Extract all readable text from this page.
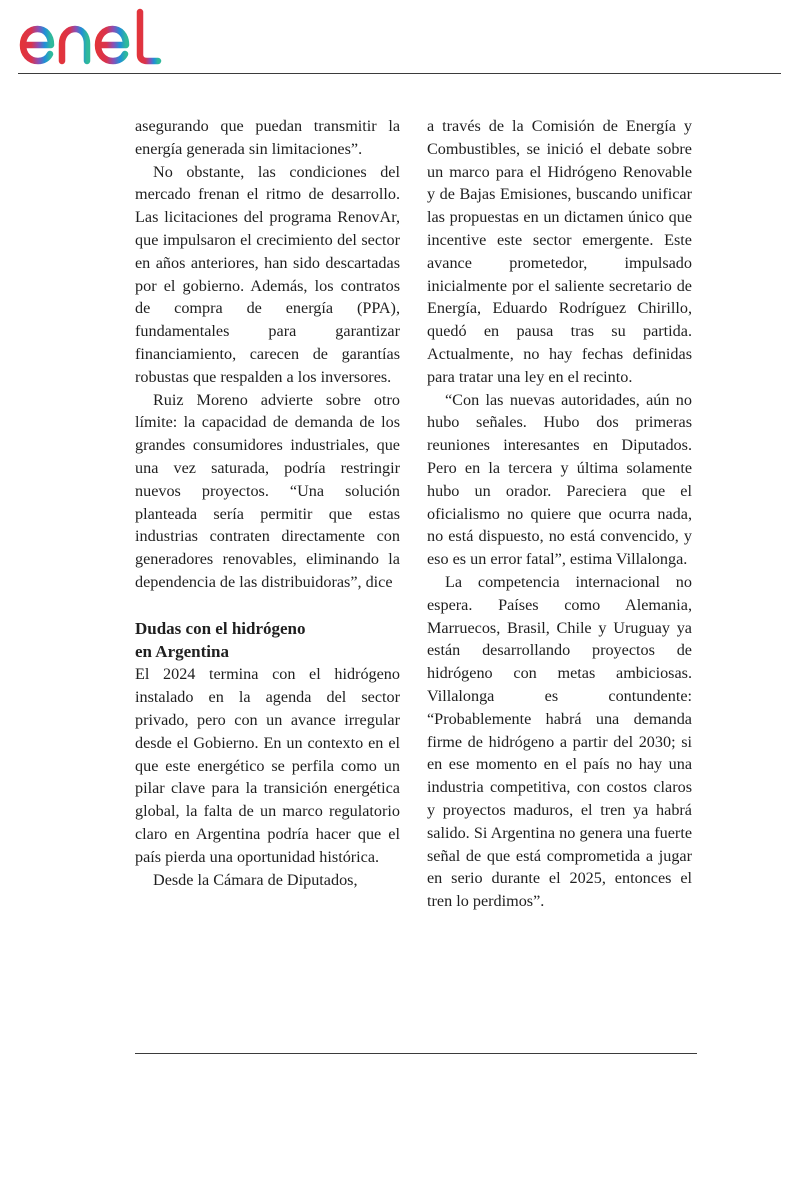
asegurando que puedan transmitir la energía generada sin limitaciones”.

No obstante, las condiciones del mercado frenan el ritmo de desarrollo. Las licitaciones del programa RenovAr, que impulsaron el crecimiento del sector en años anteriores, han sido descartadas por el gobierno. Además, los contratos de compra de energía (PPA), fundamentales para garantizar financiamiento, carecen de garantías robustas que respalden a los inversores.

Ruiz Moreno advierte sobre otro límite: la capacidad de demanda de los grandes consumidores industriales, que una vez saturada, podría restringir nuevos proyectos. “Una solución planteada sería permitir que estas industrias contraten directamente con generadores renovables, eliminando la dependencia de las distribuidoras”, dice

Dudas con el hidrógeno
en Argentina

El 2024 termina con el hidrógeno instalado en la agenda del sector privado, pero con un avance irregular desde el Gobierno. En un contexto en el que este energético se perfila como un pilar clave para la transición energética global, la falta de un marco regulatorio claro en Argentina podría hacer que el país pierda una oportunidad histórica.

Desde la Cámara de Diputados,

a través de la Comisión de Energía y Combustibles, se inició el debate sobre un marco para el Hidrógeno Renovable y de Bajas Emisiones, buscando unificar las propuestas en un dictamen único que incentive este sector emergente. Este avance prometedor, impulsado inicialmente por el saliente secretario de Energía, Eduardo Rodríguez Chirillo, quedó en pausa tras su partida. Actualmente, no hay fechas definidas para tratar una ley en el recinto.

“Con las nuevas autoridades, aún no hubo señales. Hubo dos primeras reuniones interesantes en Diputados. Pero en la tercera y última solamente hubo un orador. Pareciera que el oficialismo no quiere que ocurra nada, no está dispuesto, no está convencido, y eso es un error fatal”, estima Villalonga.

La competencia internacional no espera. Países como Alemania, Marruecos, Brasil, Chile y Uruguay ya están desarrollando proyectos de hidrógeno con metas ambiciosas. Villalonga es contundente: “Probablemente habrá una demanda firme de hidrógeno a partir del 2030; si en ese momento en el país no hay una industria competitiva, con costos claros y proyectos maduros, el tren ya habrá salido. Si Argentina no genera una fuerte señal de que está comprometida a jugar en serio durante el 2025, entonces el tren lo perdimos”.
